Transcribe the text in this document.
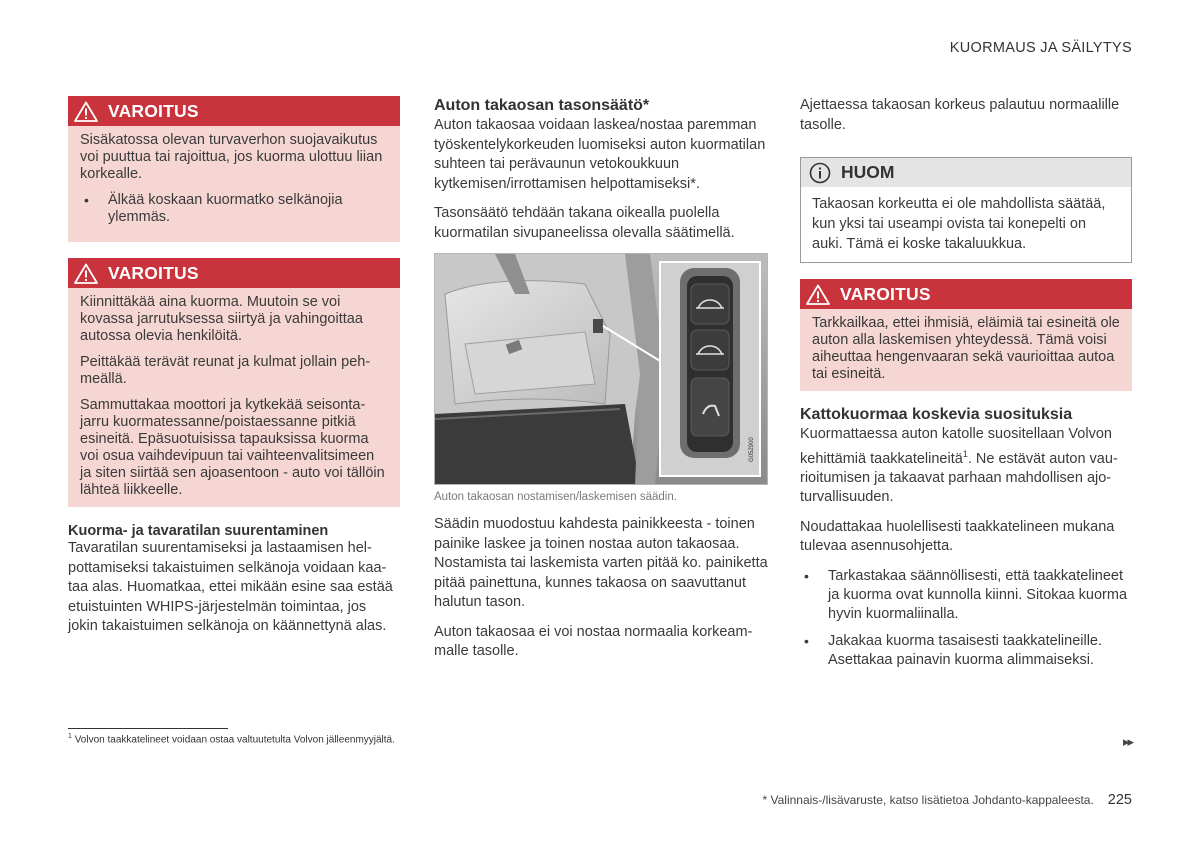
KUORMAUS JA SÄILYTYS
VAROITUS

Sisäkatossa olevan turvaverhon suojavaikutus voi puuttua tai rajoittua, jos kuorma ulottuu liian korkealle.

• Älkää koskaan kuormatko selkänojia ylemmäs.
VAROITUS

Kiinnittäkää aina kuorma. Muutoin se voi kovassa jarrutuksessa siirtyä ja vahingoittaa autossa olevia henkilöitä.

Peittäkää terävät reunat ja kulmat jollain pehmeällä.

Sammuttakaa moottori ja kytkekää seisontajarru kuormatessanne/poistaessanne pitkiä esineitä. Epäsuotuisissa tapauksissa kuorma voi osua vaihdevipuun tai vaihteenvalitsimeen ja siten siirtää sen ajoasentoon - auto voi tällöin lähteä liikkeelle.

Kuorma- ja tavaratilan suurentaminen

Tavaratilan suurentamiseksi ja lastaamisen helpottamiseksi takaistuimen selkänoja voidaan kaataa alas. Huomatkaa, ettei mikään esine saa estää etuistuinten WHIPS-järjestelmän toimintaa, jos jokin takaistuimen selkänoja on käännettynä alas.

Auton takaosan tasonsäätö*

Auton takaosaa voidaan laskea/nostaa paremman työskentelykorkeuden luomiseksi auton kuormatilan suhteen tai perävaunun vetokoukkuun kytkemisen/irrottamisen helpottamiseksi*.

Tasonsäätö tehdään takana oikealla puolella kuormatilan sivupaneelissa olevalla säätimellä.

G052900
Auton takaosan nostamisen/laskemisen säädin.

Säädin muodostuu kahdesta painikkeesta - toinen painike laskee ja toinen nostaa auton takaosaa. Nostamista tai laskemista varten pitää ko. painiketta pitää painettuna, kunnes takaosa on saavuttanut halutun tason.

Auton takaosaa ei voi nostaa normaalia korkeammalle tasolle.

Ajettaessa takaosan korkeus palautuu normaalille tasolle.

HUOM

Takaosan korkeutta ei ole mahdollista säätää, kun yksi tai useampi ovista tai konepelti on auki. Tämä ei koske takaluukkua.

VAROITUS

Tarkkailkaa, ettei ihmisiä, eläimiä tai esineitä ole auton alla laskemisen yhteydessä. Tämä voisi aiheuttaa hengenvaaran sekä vaurioittaa autoa tai esineitä.

Kattokuormaa koskevia suosituksia

Kuormattaessa auton katolle suositellaan Volvon kehittämiä taakkatelineitä$^1$. Ne estävät auton vaurioitumisen ja takaavat parhaan mahdollisen ajoturvallisuuden.

Noudattakaa huolellisesti taakkatelineen mukana tulevaa asennusohjetta.

• Tarkastakaa säännöllisesti, että taakkatelineet ja kuorma ovat kunnolla kiinni. Sitokaa kuorma hyvin kuormaliinalla.
• Jakakaa kuorma tasaisesti taakkatelineille. Asettakaa painavin kuorma alimmaiseksi.
$^1$ Volvon taakkatelineet voidaan ostaa valtuutetulta Volvon jälleenmyyjältä.	▸▸
* Valinnais-/lisävaruste, katso lisätietoa Johdanto-kappaleesta. 225
